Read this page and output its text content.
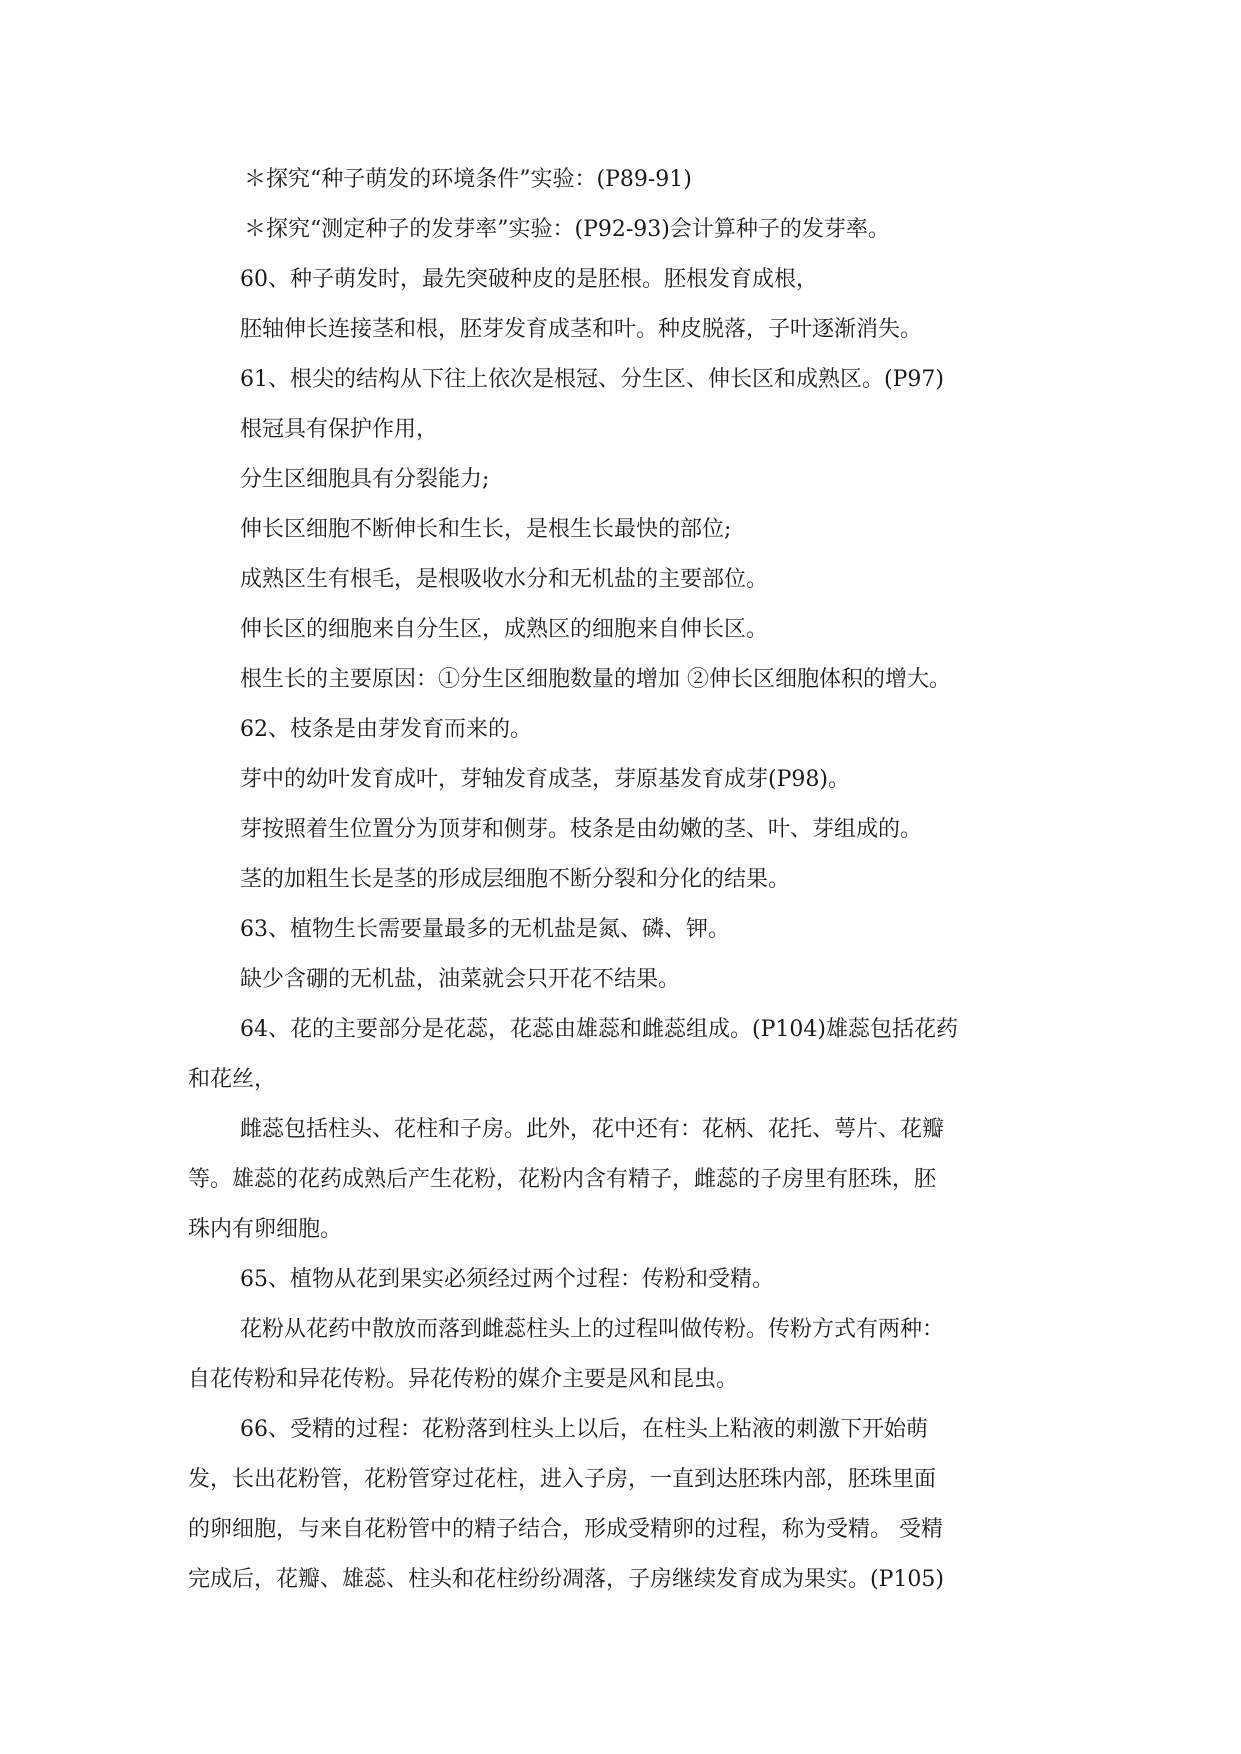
＊探究“种子萌发的环境条件”实验：(P89-91)
＊探究“测定种子的发芽率”实验：(P92-93)会计算种子的发芽率。
60、种子萌发时，最先突破种皮的是胚根。胚根发育成根，
胚轴伸长连接茎和根，胚芽发育成茎和叶。种皮脱落，子叶逐渐消失。
61、根尖的结构从下往上依次是根冠、分生区、伸长区和成熟区。(P97)
根冠具有保护作用，
分生区细胞具有分裂能力;
伸长区细胞不断伸长和生长，是根生长最快的部位;
成熟区生有根毛，是根吸收水分和无机盐的主要部位。
伸长区的细胞来自分生区，成熟区的细胞来自伸长区。
根生长的主要原因：①分生区细胞数量的增加 ②伸长区细胞体积的增大。
62、枝条是由芽发育而来的。
芽中的幼叶发育成叶，芽轴发育成茎，芽原基发育成芽(P98)。
芽按照着生位置分为顶芽和侧芽。枝条是由幼嫩的茎、叶、芽组成的。
茎的加粗生长是茎的形成层细胞不断分裂和分化的结果。
63、植物生长需要量最多的无机盐是氮、磷、钾。
缺少含硼的无机盐，油菜就会只开花不结果。
64、花的主要部分是花蕊，花蕊由雄蕊和雌蕊组成。(P104)雄蕊包括花药
和花丝，
雌蕊包括柱头、花柱和子房。此外，花中还有：花柄、花托、萼片、花瓣
等。雄蕊的花药成熟后产生花粉，花粉内含有精子，雌蕊的子房里有胚珠，胚
珠内有卵细胞。
65、植物从花到果实必须经过两个过程：传粉和受精。
花粉从花药中散放而落到雌蕊柱头上的过程叫做传粉。传粉方式有两种：
自花传粉和异花传粉。异花传粉的媒介主要是风和昆虫。
66、受精的过程：花粉落到柱头上以后，在柱头上粘液的刺激下开始萌
发，长出花粉管，花粉管穿过花柱，进入子房，一直到达胚珠内部，胚珠里面
的卵细胞，与来自花粉管中的精子结合，形成受精卵的过程，称为受精。 受精
完成后，花瓣、雄蕊、柱头和花柱纷纷凋落，子房继续发育成为果实。(P105)
